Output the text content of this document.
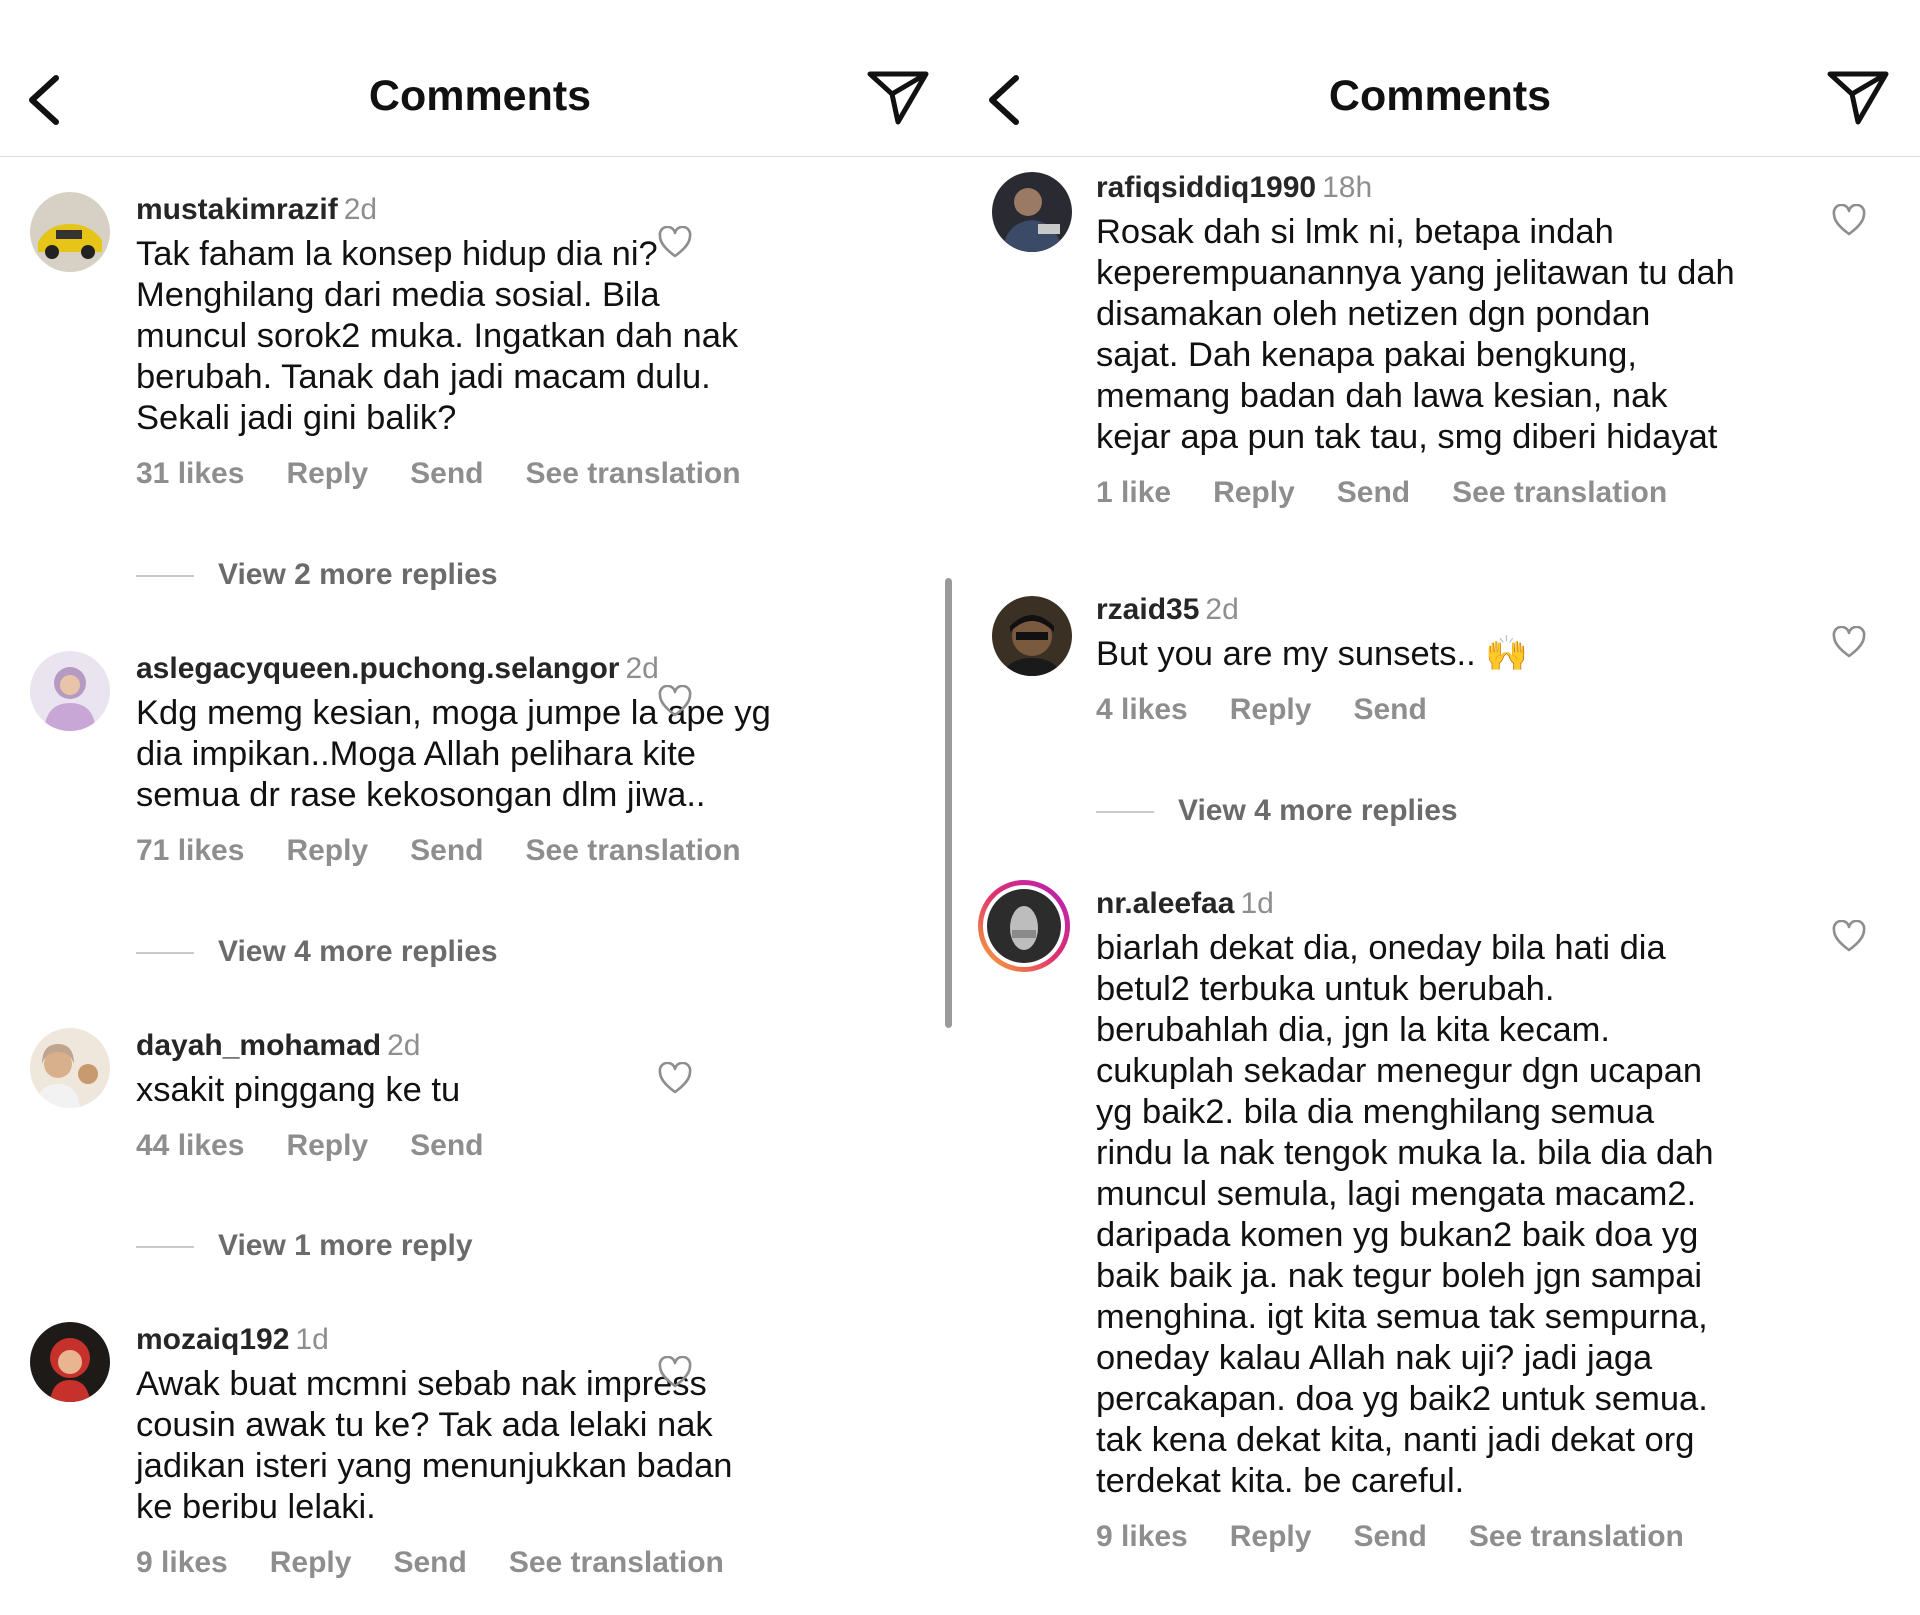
Comments
mustakimrazif 2d
Tak faham la konsep hidup dia ni?
Menghilang dari media sosial. Bila
muncul sorok2 muka. Ingatkan dah nak
berubah. Tanak dah jadi macam dulu.
Sekali jadi gini balik?
31 likes Reply Send See translation
View 2 more replies
aslegacyqueen.puchong.selangor 2d
Kdg memg kesian, moga jumpe la ape yg
dia impikan..Moga Allah pelihara kite
semua dr rase kekosongan dlm jiwa..
71 likes Reply Send See translation
View 4 more replies
dayah_mohamad 2d
xsakit pinggang ke tu
44 likes Reply Send
View 1 more reply
mozaiq192 1d
Awak buat mcmni sebab nak impress
cousin awak tu ke? Tak ada lelaki nak
jadikan isteri yang menunjukkan badan
ke beribu lelaki.
9 likes Reply Send See translation
Comments
rafiqsiddiq1990 18h
Rosak dah si lmk ni, betapa indah
keperempuanannya yang jelitawan tu dah
disamakan oleh netizen dgn pondan
sajat. Dah kenapa pakai bengkung,
memang badan dah lawa kesian, nak
kejar apa pun tak tau, smg diberi hidayat
1 like Reply Send See translation
rzaid35 2d
But you are my sunsets.. 🙌
4 likes Reply Send
View 4 more replies
nr.aleefaa 1d
biarlah dekat dia, oneday bila hati dia
betul2 terbuka untuk berubah.
berubahlah dia, jgn la kita kecam.
cukuplah sekadar menegur dgn ucapan
yg baik2. bila dia menghilang semua
rindu la nak tengok muka la. bila dia dah
muncul semula, lagi mengata macam2.
daripada komen yg bukan2 baik doa yg
baik baik ja. nak tegur boleh jgn sampai
menghina. igt kita semua tak sempurna,
oneday kalau Allah nak uji? jadi jaga
percakapan. doa yg baik2 untuk semua.
tak kena dekat kita, nanti jadi dekat org
terdekat kita. be careful.
9 likes Reply Send See translation
